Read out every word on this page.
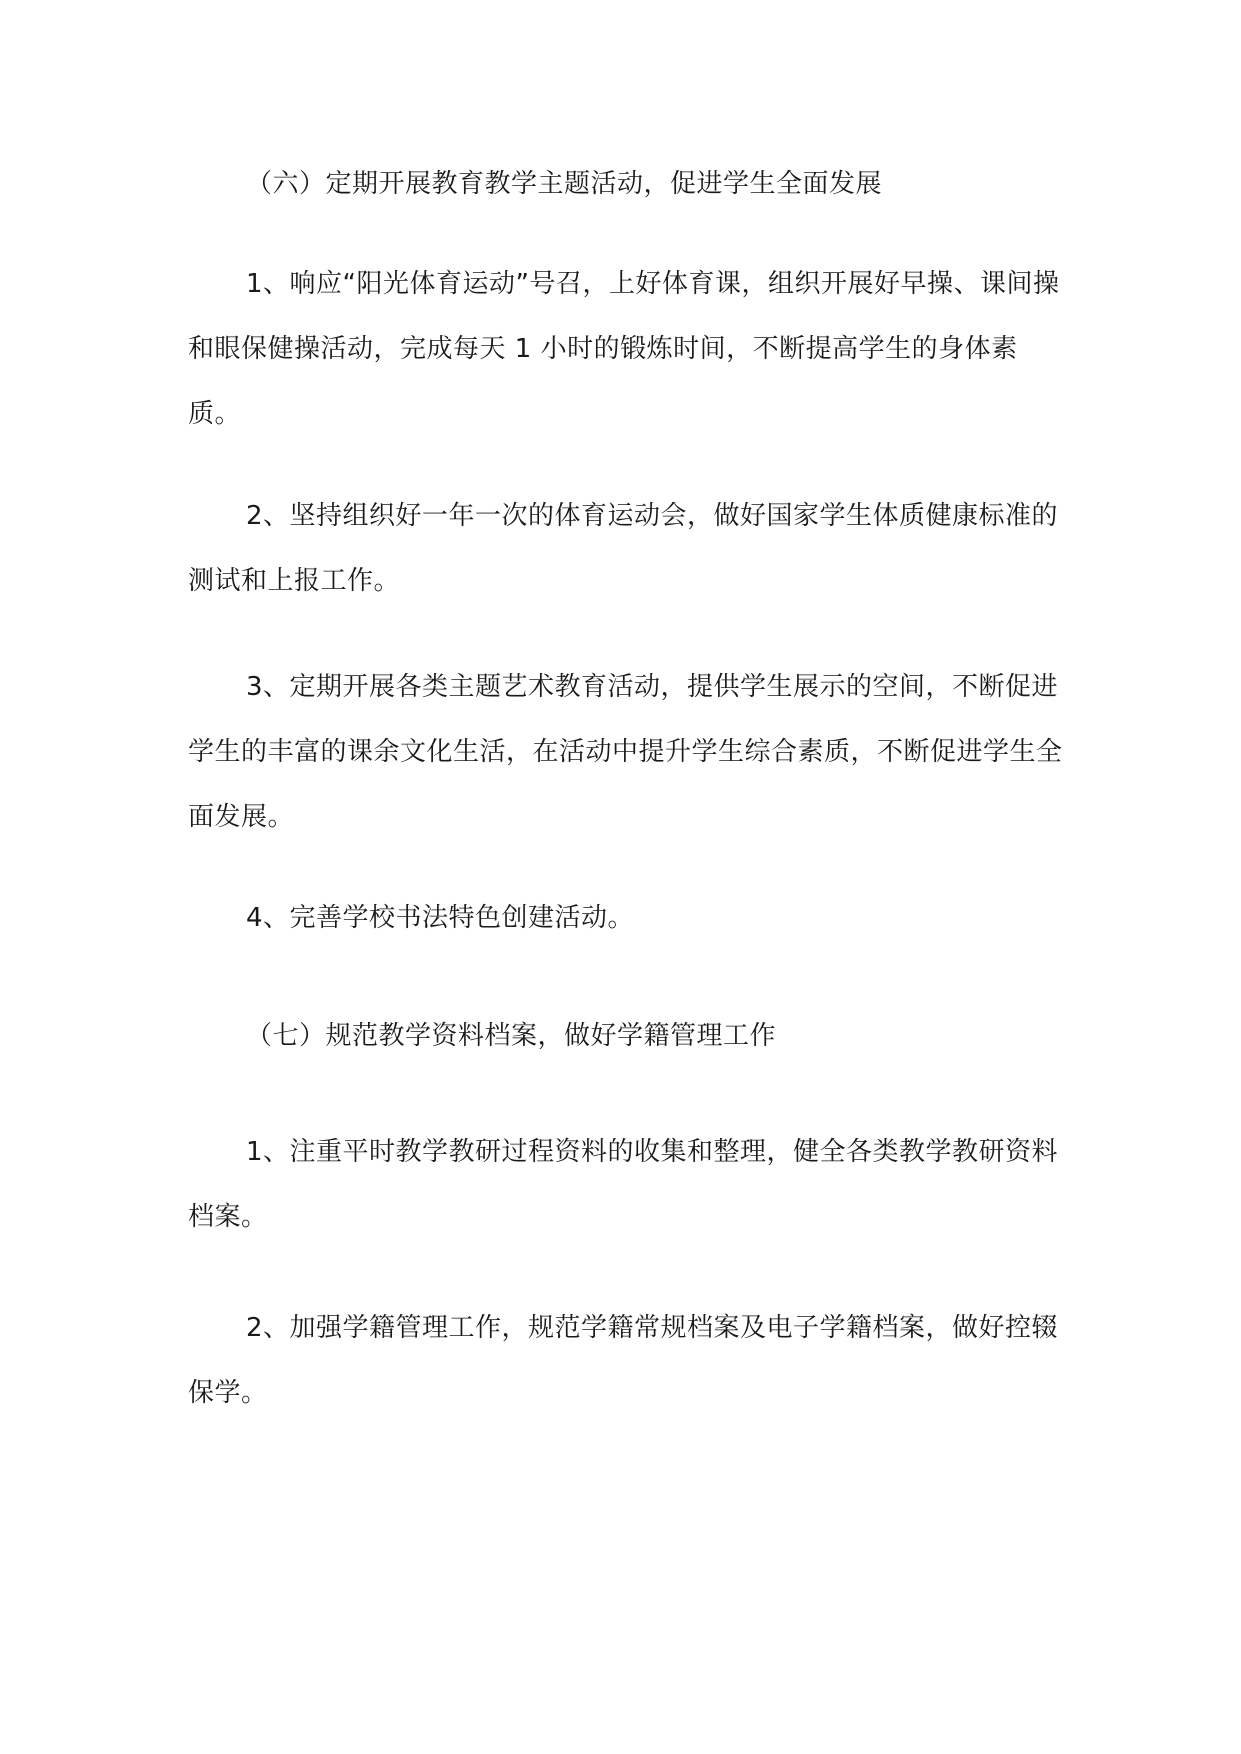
（六）定期开展教育教学主题活动，促进学生全面发展
1、响应“阳光体育运动”号召，上好体育课，组织开展好早操、课间操和眼保健操活动，完成每天 1 小时的锻炼时间，不断提高学生的身体素质。
2、坚持组织好一年一次的体育运动会，做好国家学生体质健康标准的测试和上报工作。
3、定期开展各类主题艺术教育活动，提供学生展示的空间，不断促进学生的丰富的课余文化生活，在活动中提升学生综合素质，不断促进学生全面发展。
4、完善学校书法特色创建活动。
（七）规范教学资料档案，做好学籍管理工作
1、注重平时教学教研过程资料的收集和整理，健全各类教学教研资料档案。
2、加强学籍管理工作，规范学籍常规档案及电子学籍档案，做好控辍保学。
